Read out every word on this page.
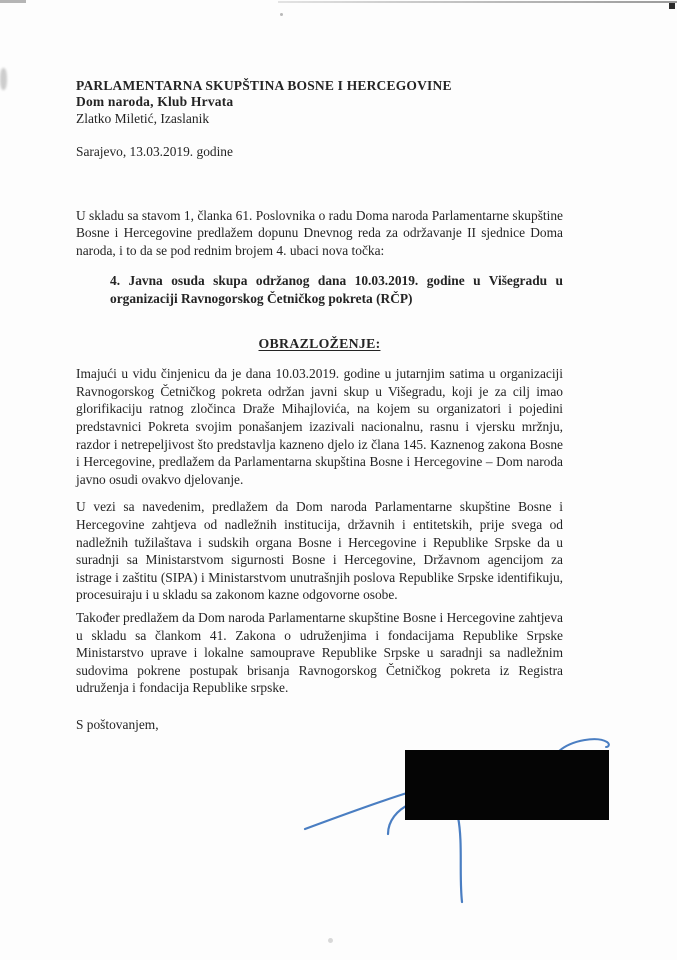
PARLAMENTARNA SKUPŠTINA BOSNE I HERCEGOVINE
Dom naroda, Klub Hrvata
Zlatko Miletić, Izaslanik
Sarajevo, 13.03.2019. godine

U skladu sa stavom 1, članka 61. Poslovnika o radu Doma naroda Parlamentarne skupštine Bosne i Hercegovine predlažem dopunu Dnevnog reda za održavanje II sjednice Doma naroda, i to da se pod rednim brojem 4. ubaci nova točka:

4. Javna osuda skupa održanog dana 10.03.2019. godine u Višegradu u organizaciji Ravnogorskog Četničkog pokreta (RČP)

OBRAZLOŽENJE:

Imajući u vidu činjenicu da je dana 10.03.2019. godine u jutarnjim satima u organizaciji Ravnogorskog Četničkog pokreta održan javni skup u Višegradu, koji je za cilj imao glorifikaciju ratnog zločinca Draže Mihajlovića, na kojem su organizatori i pojedini predstavnici Pokreta svojim ponašanjem izazivali nacionalnu, rasnu i vjersku mržnju, razdor i netrepeljivost što predstavlja kazneno djelo iz člana 145. Kaznenog zakona Bosne i Hercegovine, predlažem da Parlamentarna skupština Bosne i Hercegovine – Dom naroda javno osudi ovakvo djelovanje.

U vezi sa navedenim, predlažem da Dom naroda Parlamentarne skupštine Bosne i Hercegovine zahtjeva od nadležnih institucija, državnih i entitetskih, prije svega od nadležnih tužilaštava i sudskih organa Bosne i Hercegovine i Republike Srpske da u suradnji sa Ministarstvom sigurnosti Bosne i Hercegovine, Državnom agencijom za istrage i zaštitu (SIPA) i Ministarstvom unutrašnjih poslova Republike Srpske identifikuju, procesuiraju i u skladu sa zakonom kazne odgovorne osobe.

Također predlažem da Dom naroda Parlamentarne skupštine Bosne i Hercegovine zahtjeva u skladu sa člankom 41. Zakona o udruženjima i fondacijama Republike Srpske Ministarstvo uprave i lokalne samouprave Republike Srpske u saradnji sa nadležnim sudovima pokrene postupak brisanja Ravnogorskog Četničkog pokreta iz Registra udruženja i fondacija Republike srpske.

S poštovanjem,
